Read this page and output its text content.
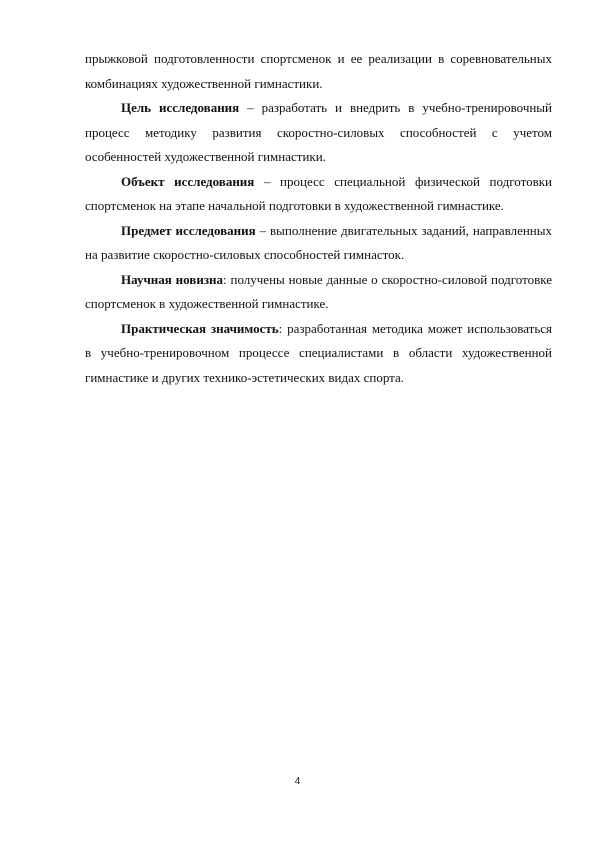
прыжковой подготовленности спортсменок и ее реализации в соревновательных комбинациях художественной гимнастики.

Цель исследования – разработать и внедрить в учебно-тренировочный процесс методику развития скоростно-силовых способностей с учетом особенностей художественной гимнастики.

Объект исследования – процесс специальной физической подготовки спортсменок на этапе начальной подготовки в художественной гимнастике.

Предмет исследования – выполнение двигательных заданий, направленных на развитие скоростно-силовых способностей гимнасток.

Научная новизна: получены новые данные о скоростно-силовой подготовке спортсменок в художественной гимнастике.

Практическая значимость: разработанная методика может использоваться в учебно-тренировочном процессе специалистами в области художественной гимнастике и других технико-эстетических видах спорта.

4
